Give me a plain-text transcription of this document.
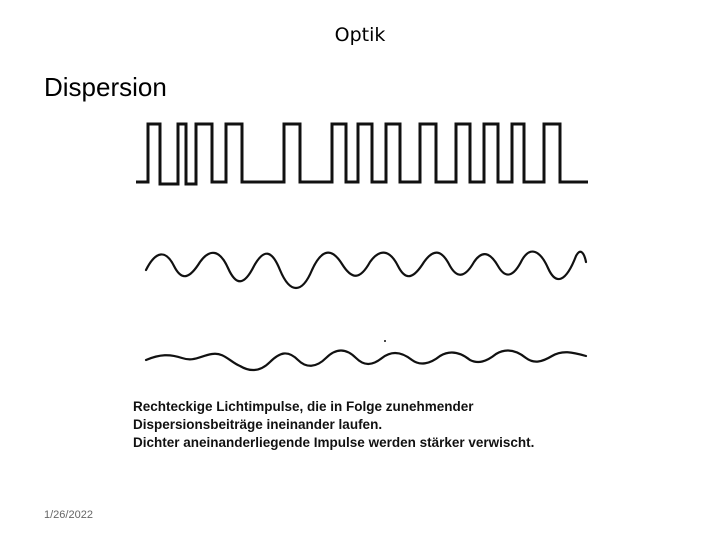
Optik
Dispersion
Rechteckige Lichtimpulse, die in Folge zunehmender
Dispersionsbeiträge ineinander laufen.
Dichter aneinanderliegende Impulse werden stärker verwischt.
1/26/2022
